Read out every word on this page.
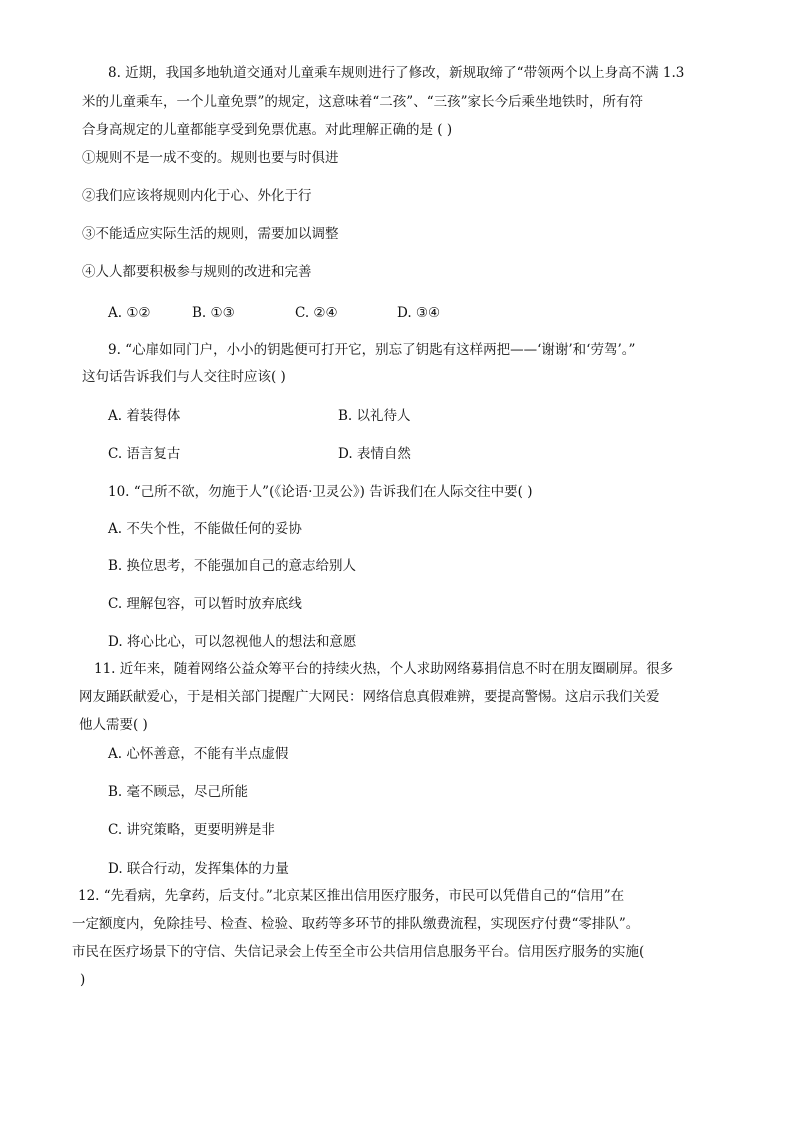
8. 近期，我国多地轨道交通对儿童乘车规则进行了修改，新规取缔了“带领两个以上身高不满 1.3
米的儿童乘车，一个儿童免票”的规定，这意味着“二孩”、“三孩”家长今后乘坐地铁时，所有符
合身高规定的儿童都能享受到免票优惠。对此理解正确的是 ( )
①规则不是一成不变的。规则也要与时俱进
②我们应该将规则内化于心、外化于行
③不能适应实际生活的规则，需要加以调整
④人人都要积极参与规则的改进和完善
A. ①②	B. ①③	C. ②④	D. ③④
9. “心扉如同门户，小小的钥匙便可打开它，别忘了钥匙有这样两把——‘谢谢’和‘劳驾’。”
这句话告诉我们与人交往时应该( )
A. 着装得体	B. 以礼待人
C. 语言复古	D. 表情自然
10. “己所不欲，勿施于人”(《论语·卫灵公》) 告诉我们在人际交往中要( )
A. 不失个性，不能做任何的妥协
B. 换位思考，不能强加自己的意志给别人
C. 理解包容，可以暂时放弃底线
D. 将心比心，可以忽视他人的想法和意愿
11. 近年来，随着网络公益众筹平台的持续火热，个人求助网络募捐信息不时在朋友圈刷屏。很多
网友踊跃献爱心，于是相关部门提醒广大网民：网络信息真假难辨，要提高警惕。这启示我们关爱
他人需要( )
A. 心怀善意，不能有半点虚假
B. 毫不顾忌，尽己所能
C. 讲究策略，更要明辨是非
D. 联合行动，发挥集体的力量
12. “先看病，先拿药，后支付。”北京某区推出信用医疗服务，市民可以凭借自己的“信用”在
一定额度内，免除挂号、检查、检验、取药等多环节的排队缴费流程，实现医疗付费“零排队”。
市民在医疗场景下的守信、失信记录会上传至全市公共信用信息服务平台。信用医疗服务的实施(
)
